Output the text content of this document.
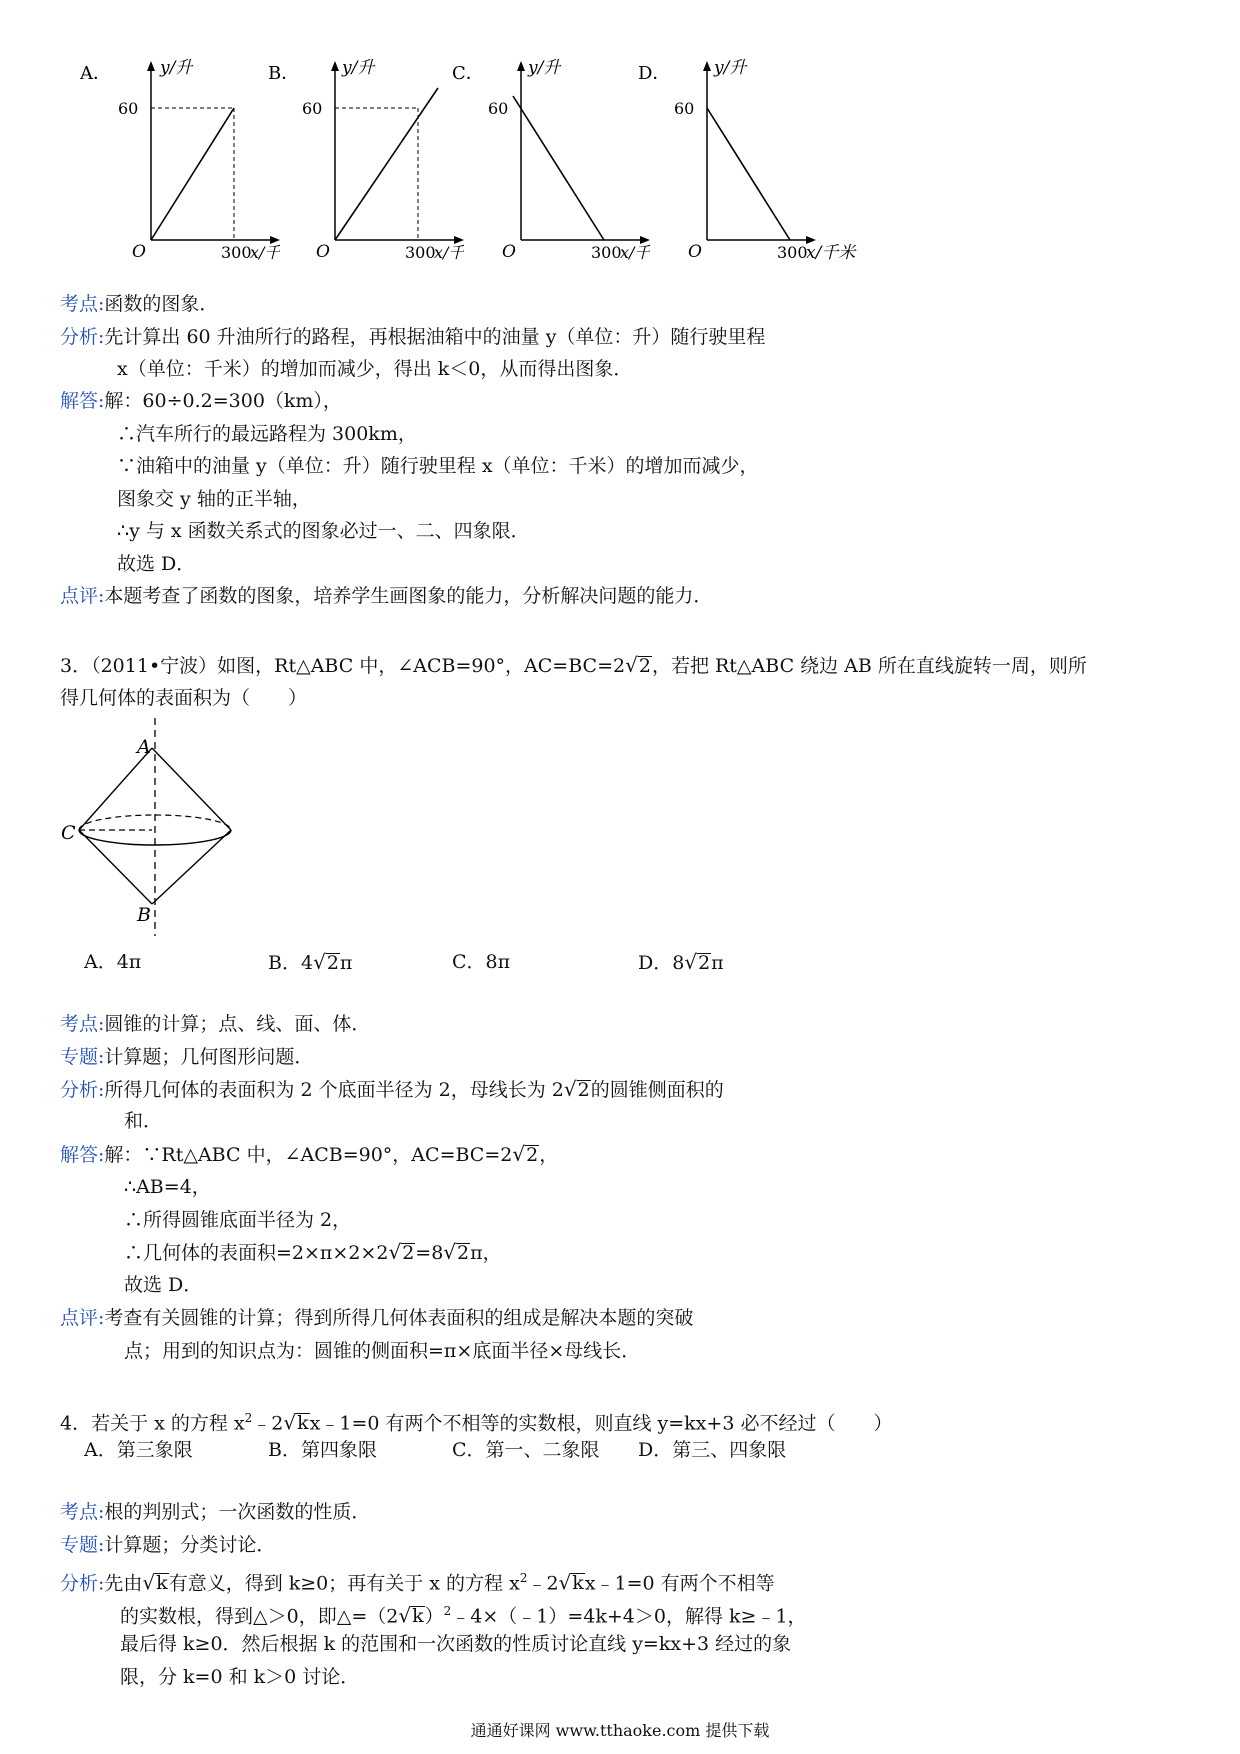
A．	y/升
60
O	300
x/千
B．	y/升
60
O	300
x/千
C．	y/升
60
O	300
x/千
D．	y/升
60
O	300
x/千米
考点:函数的图象．
分析:先计算出 60 升油所行的路程，再根据油箱中的油量 y（单位：升）随行驶里程
x（单位：千米）的增加而减少，得出 k＜0，从而得出图象．
解答:解：60÷0.2=300（km），
∴汽车所行的最远路程为 300km，
∵油箱中的油量 y（单位：升）随行驶里程 x（单位：千米）的增加而减少，
图象交 y 轴的正半轴，
∴y 与 x 函数关系式的图象必过一、二、四象限．
故选 D．
点评:本题考查了函数的图象，培养学生画图象的能力，分析解决问题的能力．
3．（2011•宁波）如图，Rt△ABC 中，∠ACB=90°，AC=BC=2√2，若把 Rt△ABC 绕边 AB 所在直线旋转一周，则所
得几何体的表面积为（　　）
A
C
B
A．4π	B．4√2π	C．8π	D．8√2π
考点:圆锥的计算；点、线、面、体．
专题:计算题；几何图形问题．
分析:所得几何体的表面积为 2 个底面半径为 2，母线长为 2√2的圆锥侧面积的
和．
解答:解：∵Rt△ABC 中，∠ACB=90°，AC=BC=2√2，
∴AB=4，
∴所得圆锥底面半径为 2，
∴几何体的表面积=2×π×2×2√2=8√2π，
故选 D．
点评:考查有关圆锥的计算；得到所得几何体表面积的组成是解决本题的突破
点；用到的知识点为：圆锥的侧面积=π×底面半径×母线长．
4．若关于 x 的方程 $x^2﹣2√kx﹣1=0$ 有两个不相等的实数根，则直线 y=kx+3 必不经过（　　）
A．第三象限	B．第四象限	C．第一、二象限 D．第三、四象限
考点:根的判别式；一次函数的性质．
专题:计算题；分类讨论．
分析:先由√k有意义，得到 k≥0；再有关于 x 的方程 $x^2﹣2√kx﹣1=0$ 有两个不相等
的实数根，得到△＞0，即$\triangle=(2√k)^2﹣4\times(﹣1)=4k+4>0$，解得 k≥﹣1，
最后得 k≥0．然后根据 k 的范围和一次函数的性质讨论直线 y=kx+3 经过的象
限，分 k=0 和 k＞0 讨论．
通通好课网 www.tthaoke.com 提供下载
